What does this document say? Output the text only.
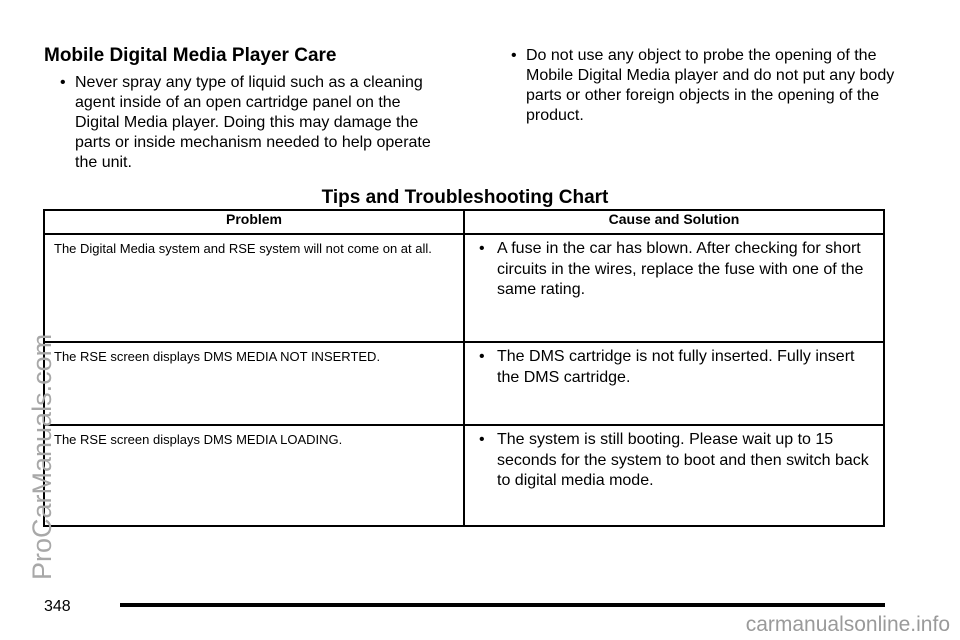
Mobile Digital Media Player Care
• Never spray any type of liquid such as a cleaning agent inside of an open cartridge panel on the Digital Media player. Doing this may damage the parts or inside mechanism needed to help operate the unit.
• Do not use any object to probe the opening of the Mobile Digital Media player and do not put any body parts or other foreign objects in the opening of the product.
Tips and Troubleshooting Chart
Problem	Cause and Solution

The Digital Media system and RSE system will not come on at all.	• A fuse in the car has blown. After checking for short circuits in the wires, replace the fuse with one of the same rating.

The RSE screen displays DMS MEDIA NOT INSERTED.	• The DMS cartridge is not fully inserted. Fully insert the DMS cartridge.

The RSE screen displays DMS MEDIA LOADING.	• The system is still booting. Please wait up to 15 seconds for the system to boot and then switch back to digital media mode.
ProCarManuals.com
348
carmanualsonline.info
